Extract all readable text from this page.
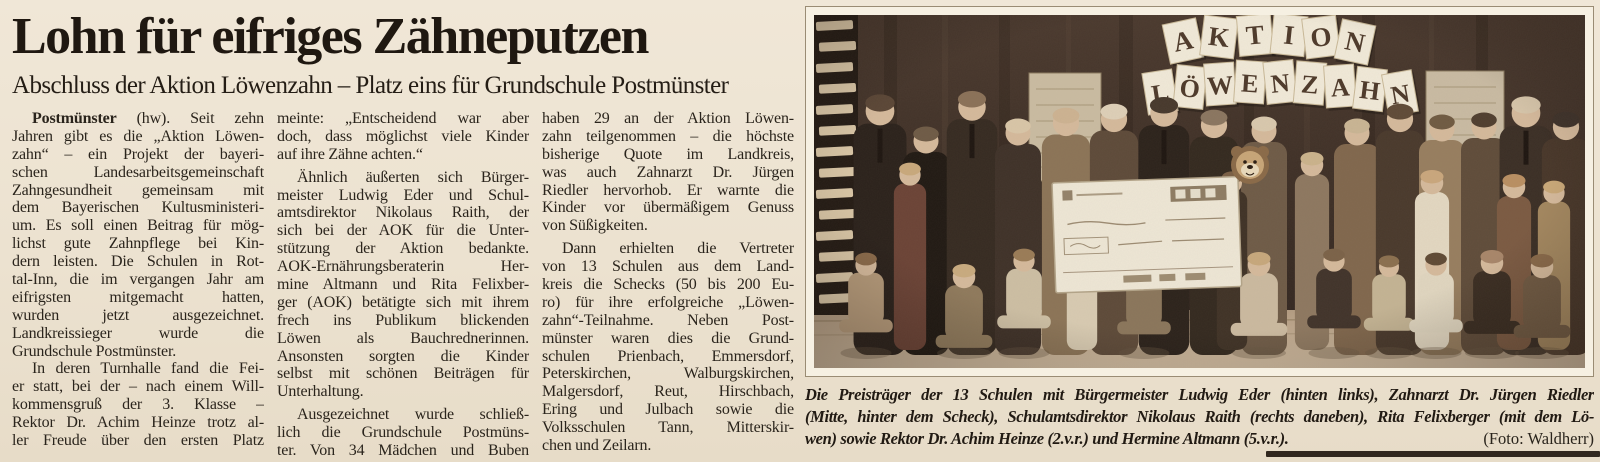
Lohn für eifriges Zähneputzen
Abschluss der Aktion Löwenzahn – Platz eins für Grundschule Postmünster
Postmünster (hw). Seit zehn
Jahren gibt es die „Aktion Löwen-
zahn“ – ein Projekt der bayeri-
schen Landesarbeitsgemeinschaft
Zahngesundheit gemeinsam mit
dem Bayerischen Kultusministeri-
um. Es soll einen Beitrag für mög-
lichst gute Zahnpflege bei Kin-
dern leisten. Die Schulen in Rot-
tal-Inn, die im vergangen Jahr am
eifrigsten mitgemacht hatten,
wurden jetzt ausgezeichnet.
Landkreissieger wurde die
Grundschule Postmünster.
In deren Turnhalle fand die Fei-
er statt, bei der – nach einem Will-
kommensgruß der 3. Klasse –
Rektor Dr. Achim Heinze trotz al-
ler Freude über den ersten Platz
meinte: „Entscheidend war aber
doch, dass möglichst viele Kinder
auf ihre Zähne achten.“
Ähnlich äußerten sich Bürger-
meister Ludwig Eder und Schul-
amtsdirektor Nikolaus Raith, der
sich bei der AOK für die Unter-
stützung der Aktion bedankte.
AOK-Ernährungsberaterin Her-
mine Altmann und Rita Felixber-
ger (AOK) betätigte sich mit ihrem
frech ins Publikum blickenden
Löwen als Bauchrednerinnen.
Ansonsten sorgten die Kinder
selbst mit schönen Beiträgen für
Unterhaltung.
Ausgezeichnet wurde schließ-
lich die Grundschule Postmüns-
ter. Von 34 Mädchen und Buben
haben 29 an der Aktion Löwen-
zahn teilgenommen – die höchste
bisherige Quote im Landkreis,
was auch Zahnarzt Dr. Jürgen
Riedler hervorhob. Er warnte die
Kinder vor übermäßigem Genuss
von Süßigkeiten.
Dann erhielten die Vertreter
von 13 Schulen aus dem Land-
kreis die Schecks (50 bis 200 Eu-
ro) für ihre erfolgreiche „Löwen-
zahn“-Teilnahme. Neben Post-
münster waren dies die Grund-
schulen Prienbach, Emmersdorf,
Peterskirchen, Walburgskirchen,
Malgersdorf, Reut, Hirschbach,
Ering und Julbach sowie die
Volksschulen Tann, Mitterskir-
chen und Zeilarn.
Die Preisträger der 13 Schulen mit Bürgermeister Ludwig Eder (hinten links), Zahnarzt Dr. Jürgen Riedler
(Mitte, hinter dem Scheck), Schulamtsdirektor Nikolaus Raith (rechts daneben), Rita Felixberger (mit dem Lö-
wen) sowie Rektor Dr. Achim Heinze (2.v.r.) und Hermine Altmann (5.v.r.).	(Foto: Waldherr)
